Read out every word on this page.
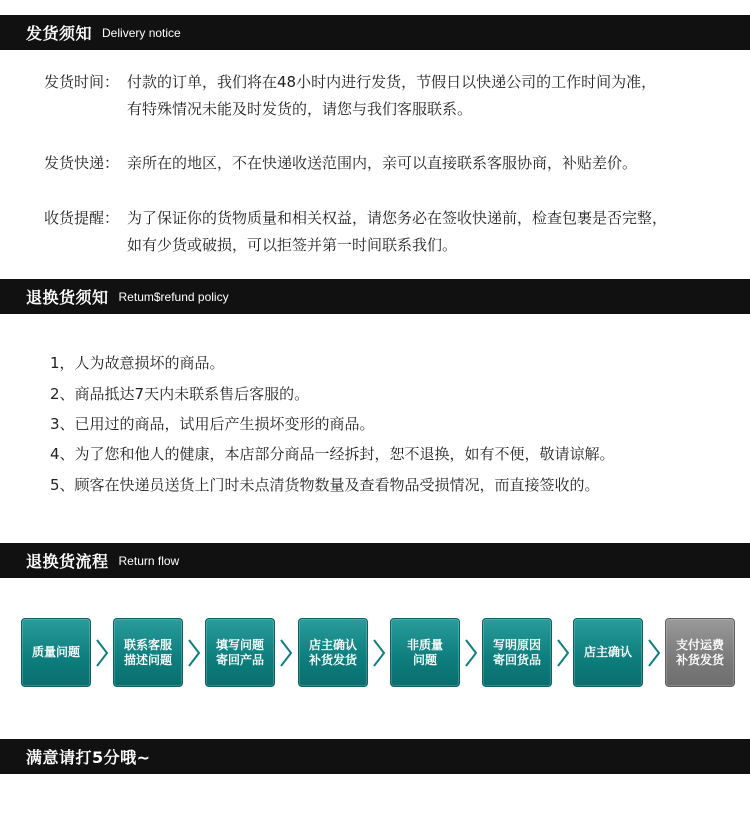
发货须知 Delivery notice
发货时间： 付款的订单，我们将在48小时内进行发货，节假日以快递公司的工作时间为准，
有特殊情况未能及时发货的，请您与我们客服联系。
发货快递： 亲所在的地区，不在快递收送范围内，亲可以直接联系客服协商，补贴差价。
收货提醒： 为了保证你的货物质量和相关权益，请您务必在签收快递前，检查包裹是否完整，
如有少货或破损，可以拒签并第一时间联系我们。
退换货须知 Retum$refund policy
1，人为故意损坏的商品。
2、商品抵达7天内未联系售后客服的。
3、已用过的商品，试用后产生损坏变形的商品。
4、为了您和他人的健康，本店部分商品一经拆封，恕不退换，如有不便，敬请谅解。
5、顾客在快递员送货上门时未点清货物数量及查看物品受损情况，而直接签收的。
退换货流程 Return flow
质量问题
联系客服
描述问题
填写问题
寄回产品
店主确认
补货发货
非质量
问题
写明原因
寄回货品
店主确认
支付运费
补货发货
满意请打5分哦~
